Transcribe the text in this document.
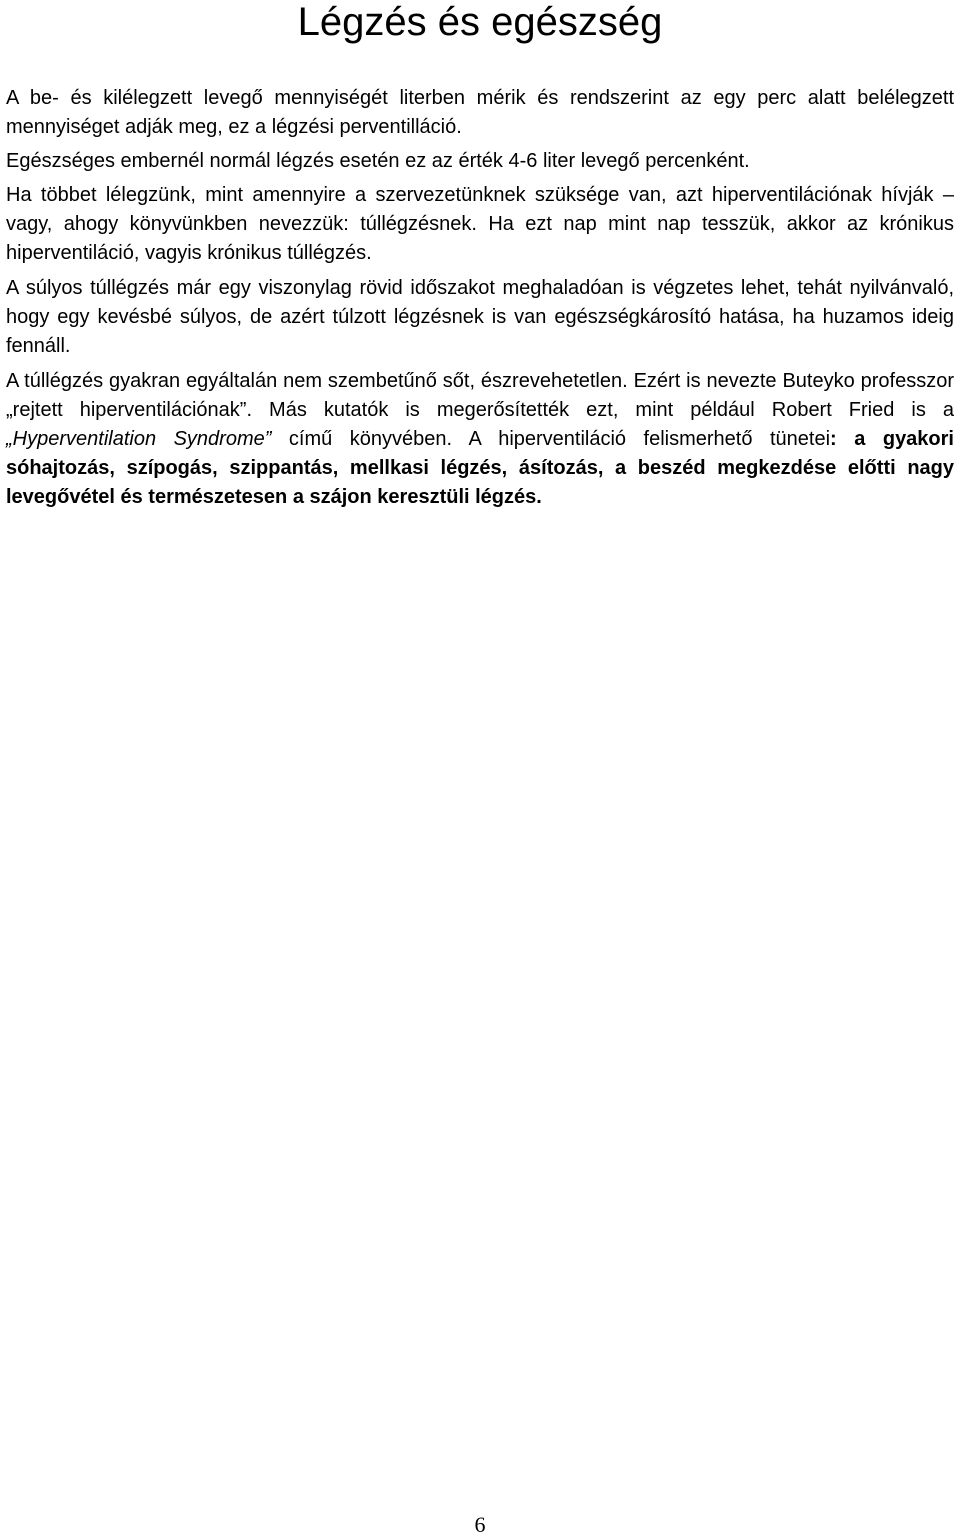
Légzés és egészség

A be- és kilélegzett levegő mennyiségét literben mérik és rendszerint az egy perc alatt belélegzett mennyiséget adják meg, ez a légzési perventilláció.

Egészséges embernél normál légzés esetén ez az érték 4-6 liter levegő percenként.

Ha többet lélegzünk, mint amennyire a szervezetünknek szüksége van, azt hiperventilációnak hívják – vagy, ahogy könyvünkben nevezzük: túllégzésnek. Ha ezt nap mint nap tesszük, akkor az krónikus hiperventiláció, vagyis krónikus túllégzés.

A súlyos túllégzés már egy viszonylag rövid időszakot meghaladóan is végzetes lehet, tehát nyilvánvaló, hogy egy kevésbé súlyos, de azért túlzott légzésnek is van egészségkárosító hatása, ha huzamos ideig fennáll.

A túllégzés gyakran egyáltalán nem szembetűnő sőt, észrevehetetlen. Ezért is nevezte Buteyko professzor „rejtett hiperventilációnak”. Más kutatók is megerősítették ezt, mint például Robert Fried is a „Hyperventilation Syndrome” című könyvében. A hiperventiláció felismerhető tünetei: a gyakori sóhajtozás, szípogás, szippantás, mellkasi légzés, ásítozás, a beszéd megkezdése előtti nagy levegővétel és természetesen a szájon keresztüli légzés.

6
